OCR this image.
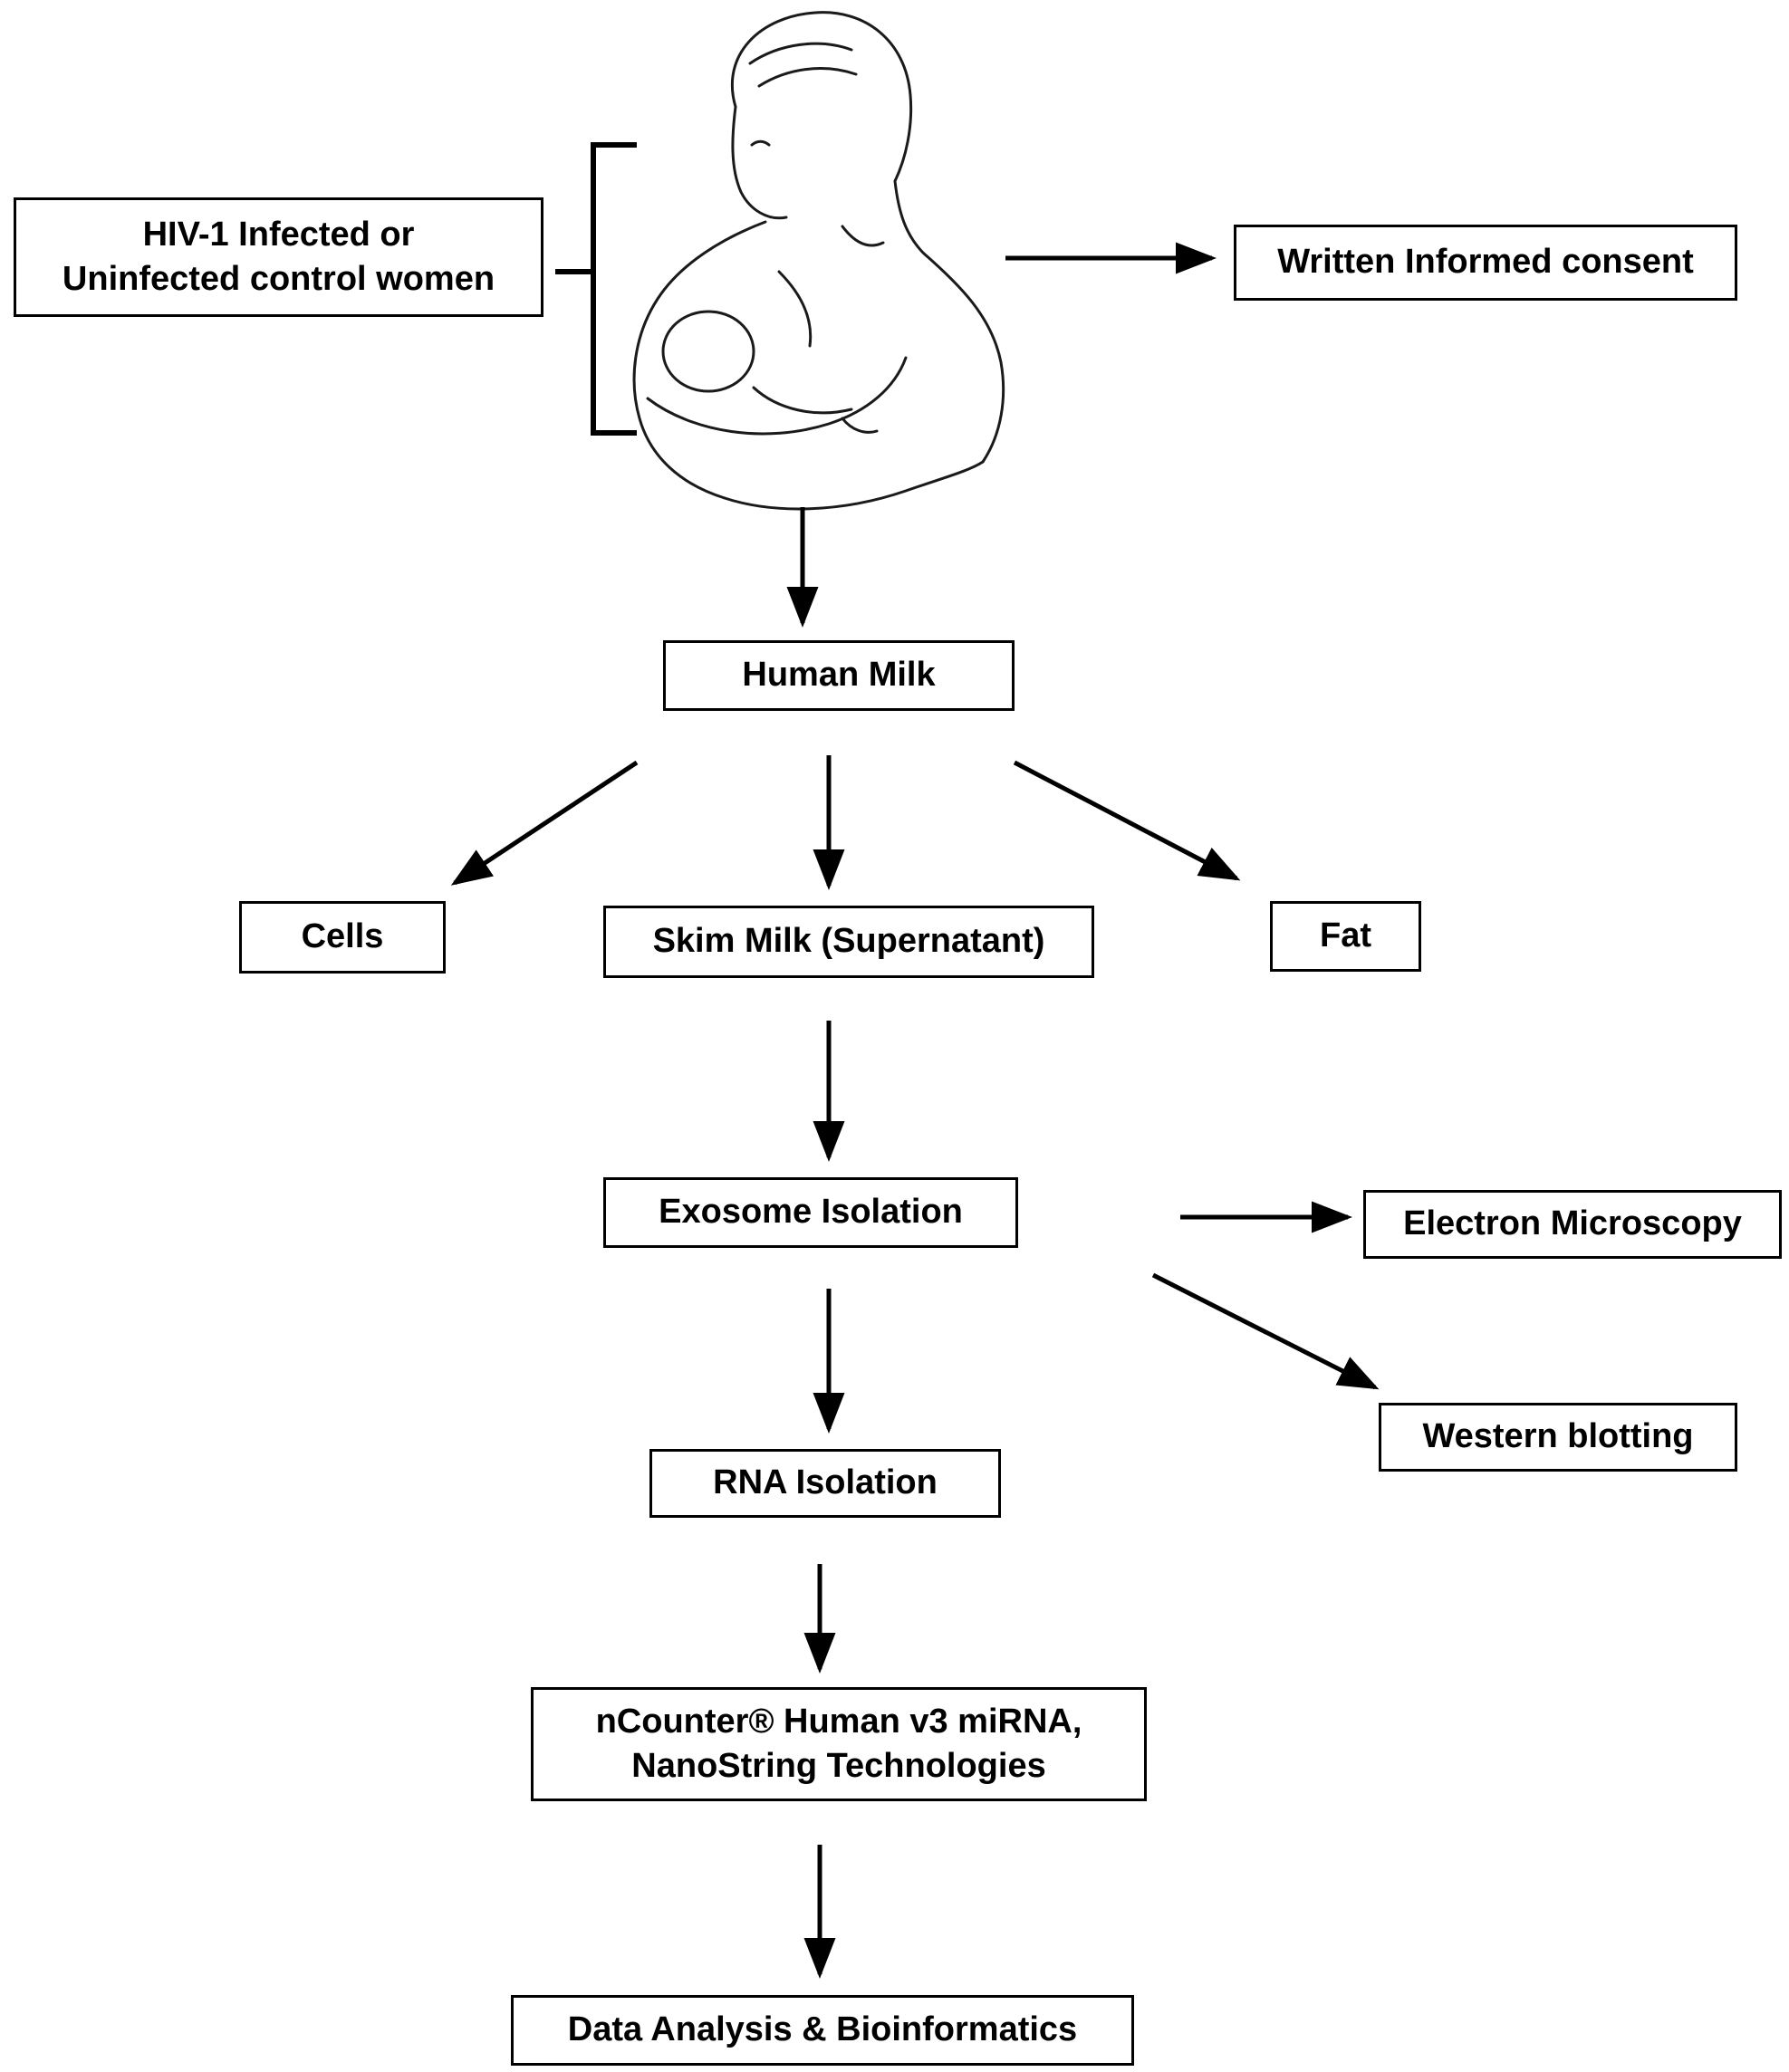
HIV-1 Infected or
Uninfected control women	Written Informed consent
Human Milk
Cells	Skim Milk (Supernatant)	Fat
Exosome Isolation	Electron Microscopy
Western blotting
RNA Isolation
nCounter® Human v3 miRNA,
NanoString Technologies
Data Analysis & Bioinformatics
